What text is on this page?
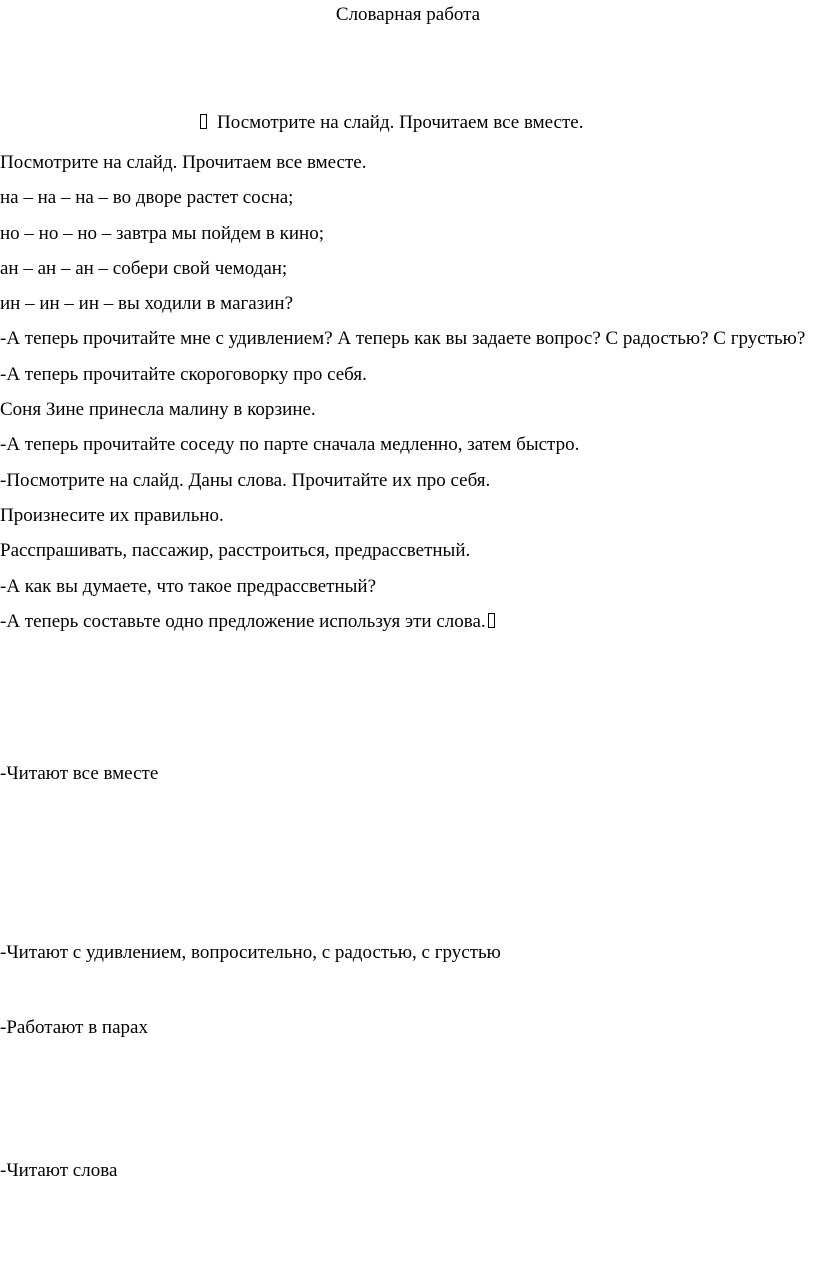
Словарная работа
Посмотрите на слайд. Прочитаем все вместе.

Посмотрите на слайд. Прочитаем все вместе.

на – на – на – во дворе растет сосна;

но – но – но – завтра мы пойдем в кино;

ан – ан – ан – собери свой чемодан;

ин – ин – ин – вы ходили в магазин?

-А теперь прочитайте мне с удивлением? А теперь как вы задаете вопрос? С радостью? С грустью?

-А теперь прочитайте скороговорку про себя.

Соня Зине принесла малину в корзине.

-А теперь прочитайте соседу по парте сначала медленно, затем быстро.

-Посмотрите на слайд. Даны слова. Прочитайте их про себя.

Произнесите их правильно.

Расспрашивать, пассажир, расстроиться, предрассветный.

-А как вы думаете, что такое предрассветный?

-А теперь составьте одно предложение используя эти слова.

-Читают все вместе
-Читают с удивлением, вопросительно, с радостью, с грустью
-Работают в парах
-Читают слова
